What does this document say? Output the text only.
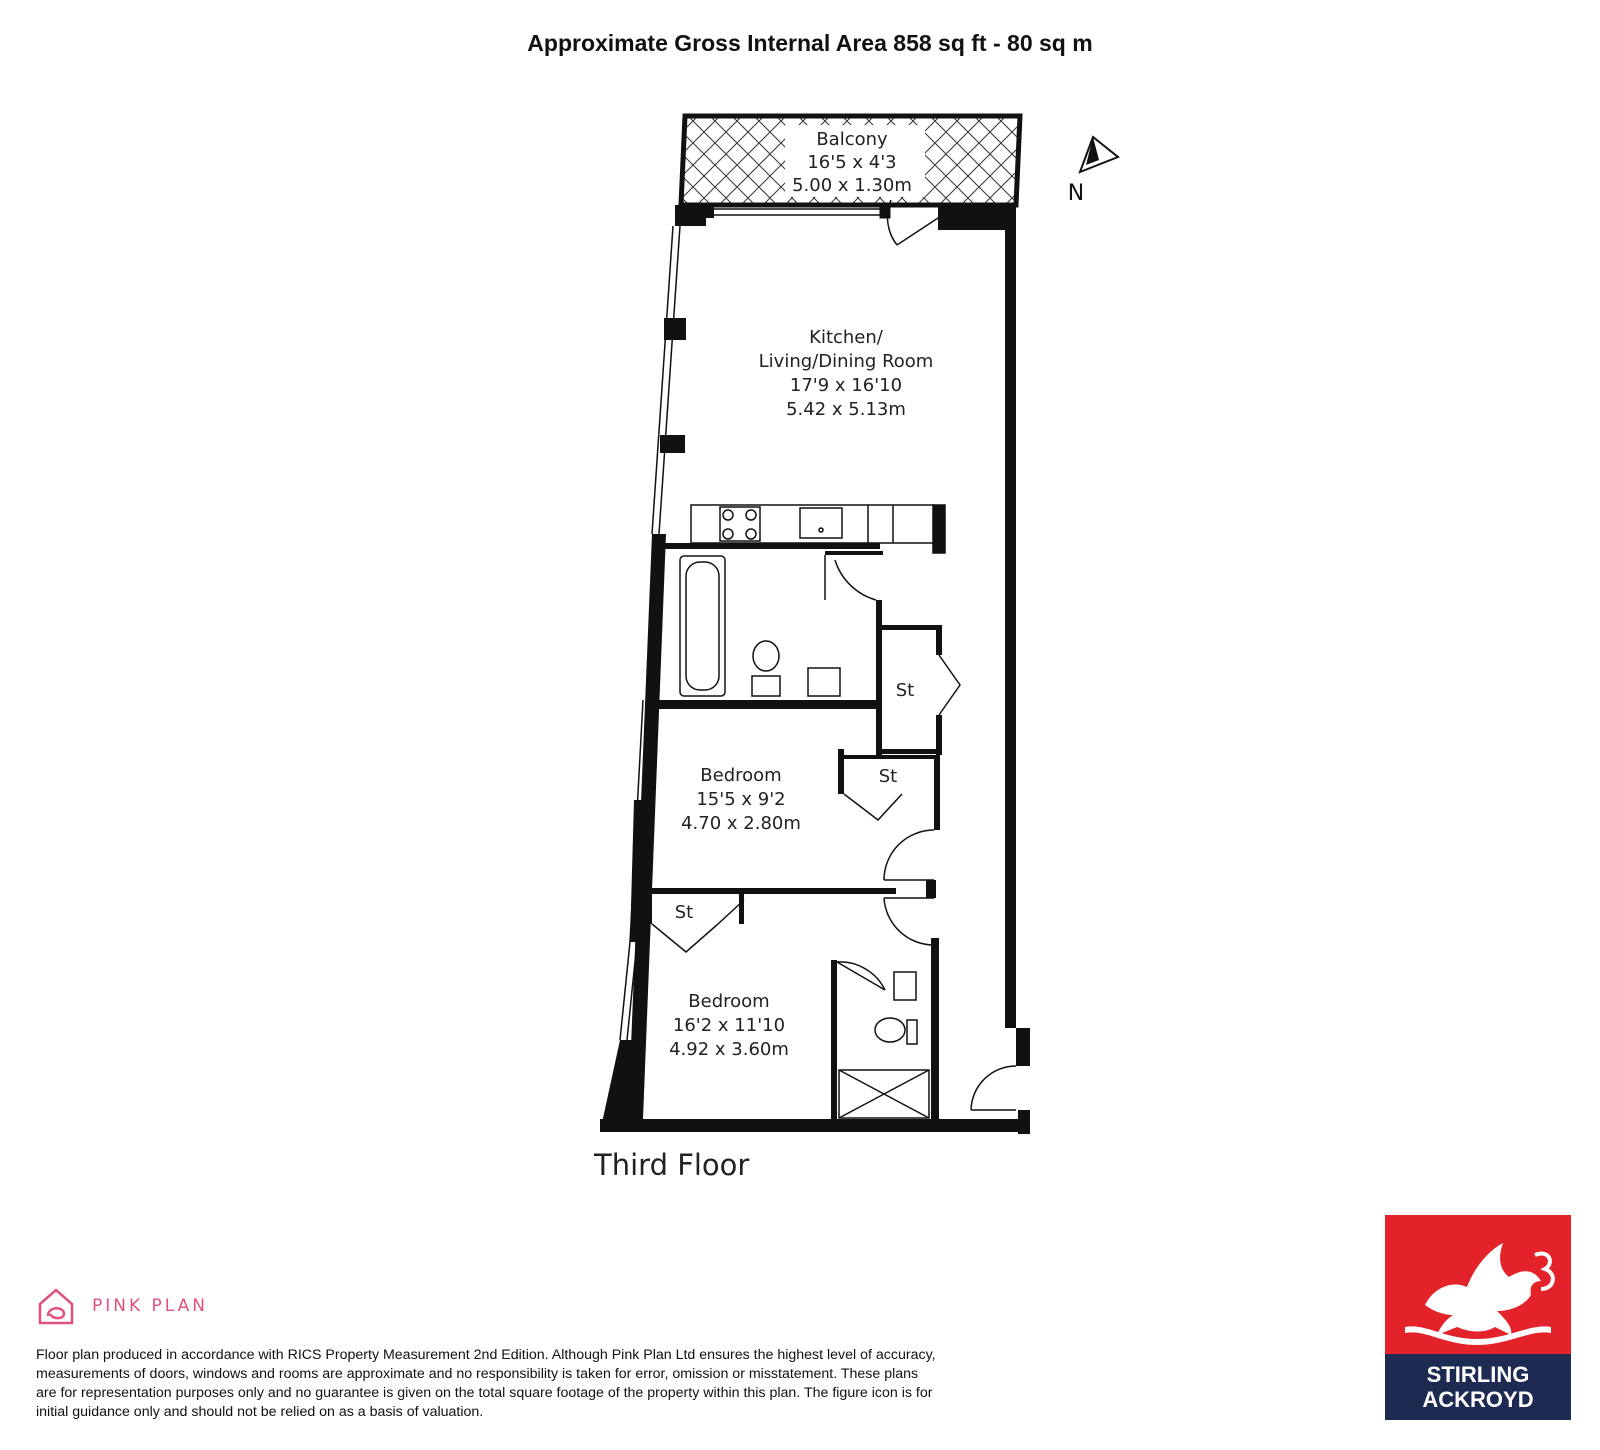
Approximate Gross Internal Area 858 sq ft - 80 sq m
N
Balcony
16'5 x 4'3
5.00 x 1.30m
Kitchen/
Living/Dining Room
17'9 x 16'10
5.42 x 5.13m
St
St
St
Bedroom
15'5 x 9'2
4.70 x 2.80m
Bedroom
16'2 x 11'10
4.92 x 3.60m
Third Floor
PINK PLAN
Floor plan produced in accordance with RICS Property Measurement 2nd Edition. Although Pink Plan Ltd ensures the highest level of accuracy, measurements of doors, windows and rooms are approximate and no responsibility is taken for error, omission or misstatement. These plans are for representation purposes only and no guarantee is given on the total square footage of the property within this plan. The figure icon is for initial guidance only and should not be relied on as a basis of valuation.
STIRLING
ACKROYD
